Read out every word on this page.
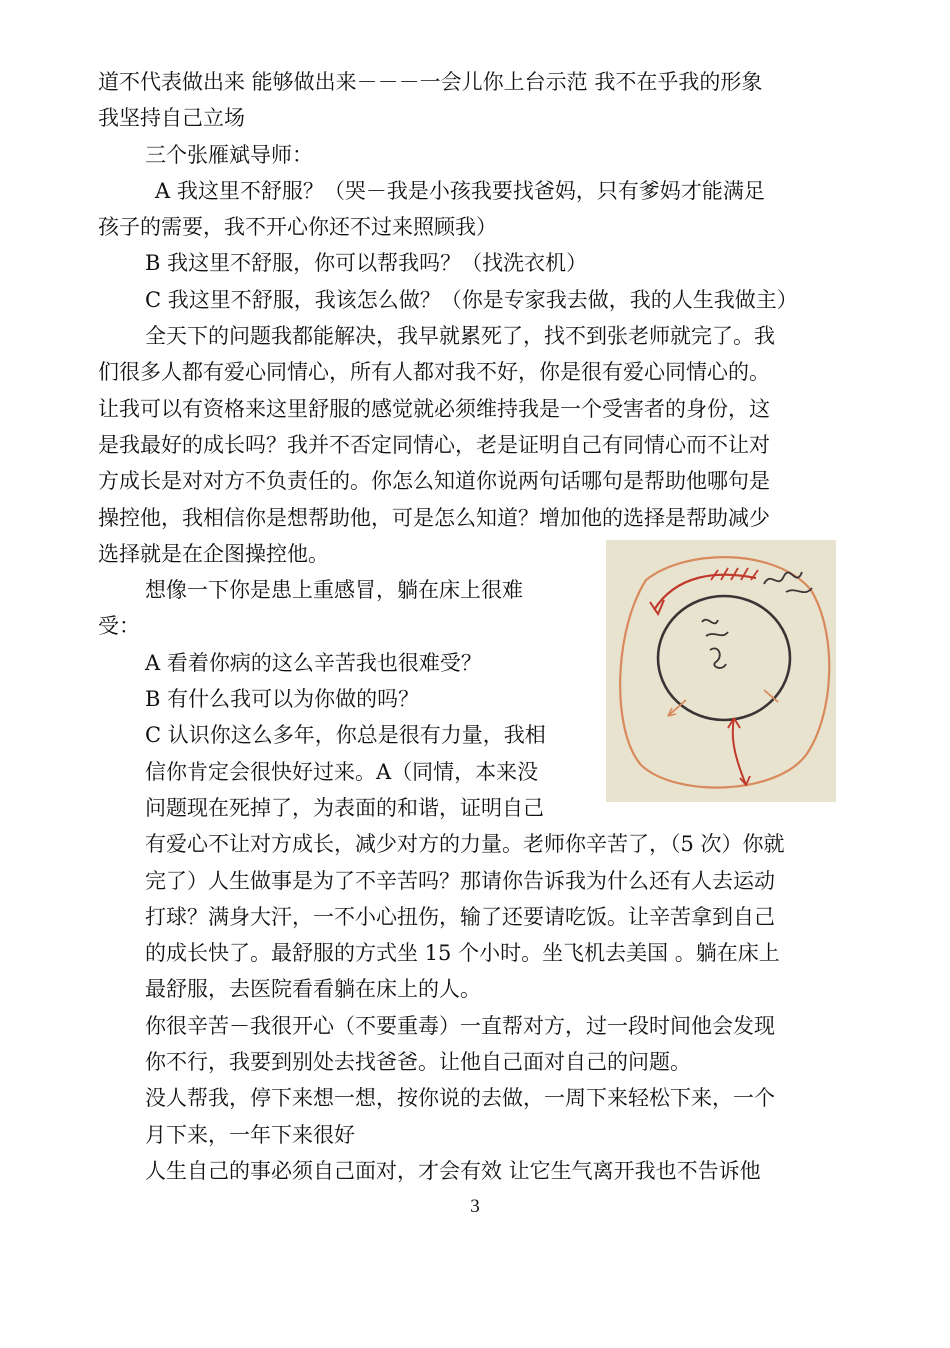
道不代表做出来 能够做出来－－－一会儿你上台示范 我不在乎我的形象
我坚持自己立场
三个张雁斌导师：
A 我这里不舒服？（哭－我是小孩我要找爸妈，只有爹妈才能满足
孩子的需要，我不开心你还不过来照顾我）
B 我这里不舒服，你可以帮我吗？（找洗衣机）
C 我这里不舒服，我该怎么做？（你是专家我去做，我的人生我做主）
全天下的问题我都能解决，我早就累死了，找不到张老师就完了。我
们很多人都有爱心同情心，所有人都对我不好，你是很有爱心同情心的。
让我可以有资格来这里舒服的感觉就必须维持我是一个受害者的身份，这
是我最好的成长吗？我并不否定同情心，老是证明自己有同情心而不让对
方成长是对对方不负责任的。你怎么知道你说两句话哪句是帮助他哪句是
操控他，我相信你是想帮助他，可是怎么知道？增加他的选择是帮助减少
选择就是在企图操控他。
想像一下你是患上重感冒，躺在床上很难
受：
A 看着你病的这么辛苦我也很难受？
B 有什么我可以为你做的吗？
C 认识你这么多年，你总是很有力量，我相
信你肯定会很快好过来。A（同情，本来没
问题现在死掉了，为表面的和谐，证明自己
有爱心不让对方成长，减少对方的力量。老师你辛苦了，（5 次）你就
完了）人生做事是为了不辛苦吗？那请你告诉我为什么还有人去运动
打球？满身大汗，一不小心扭伤，输了还要请吃饭。让辛苦拿到自己
的成长快了。最舒服的方式坐 15 个小时。坐飞机去美国 。躺在床上
最舒服，去医院看看躺在床上的人。
你很辛苦－我很开心（不要重毒）一直帮对方，过一段时间他会发现
你不行，我要到别处去找爸爸。让他自己面对自己的问题。
没人帮我，停下来想一想，按你说的去做，一周下来轻松下来，一个
月下来，一年下来很好
人生自己的事必须自己面对，才会有效 让它生气离开我也不告诉他
3
